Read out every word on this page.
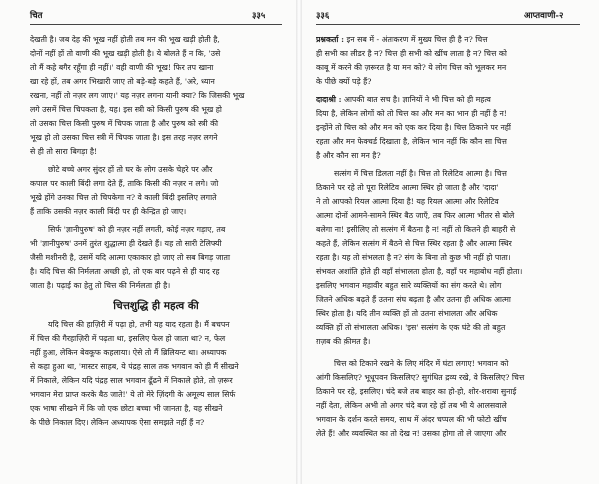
चित	३३५
देखती है। जब देह की भूख नहीं होती तब मन की भूख खड़ी होती है,
दोनों नहीं हों तो वाणी की भूख खड़ी होती है। ये बोलते हैं न कि, 'उसे
तो मैं कहे बगैर रहूँगा ही नहीं।' वही वाणी की भूख! फिर तप खाना
खा रहे हों, तब अगर भिखारी जाए तो बड़े-बड़े कहते हैं, 'अरे, ध्यान
रखना, नहीं तो नज़र लग जाए।' यह नज़र लगना यानी क्या? कि जिसकी भूख
लगे उसमें चित्त चिपकता है, यह। इस स्त्री को किसी पुरुष की भूख हो
तो उसका चित्त किसी पुरुष में चिपक जाता है और पुरुष को स्त्री की
भूख हो तो उसका चित्त स्त्री में चिपक जाता है। इस तरह नज़र लगने
से ही तो सारा बिगड़ा है!
छोटे बच्चे अगर सुंदर हों तो घर के लोग उसके चेहरे पर और
कपाल पर काली बिंदी लगा देते हैं, ताकि किसी की नज़र न लगे। जो
भूखे होंगे उनका चित्त तो चिपकेगा न? वे काली बिंदी इसलिए लगाते
हैं ताकि उसकी नज़र काली बिंदी पर ही केन्द्रित हो जाए।
सिर्फ 'ज्ञानीपुरुष' को ही नज़र नहीं लगती, कोई नज़र गड़ाए, तब
भी 'ज्ञानीपुरुष' उनमें तुरंत शुद्धात्मा ही देखते हैं। यह तो सारी टेलिफ्यी
जैसी मशीनरी है, उसमें यदि आत्मा एकाकार हो जाए तो सब बिगड़ जाता
है। यदि चित्त की निर्मलता अच्छी हो, तो एक बार पढ़ने से ही याद रह
जाता है। पढ़ाई का हेतु तो चित्त की निर्मलता ही है।
चित्तशुद्धि ही महत्व की
यदि चित्त की हाज़िरी में पढ़ा हो, तभी यह याद रहता है। मैं बचपन
में चित्त की गैरहाज़िरी में पढ़ता था, इसलिए फेल हो जाता था? न, फेल
नहीं हुआ, लेकिन बेवकूफ कहलाया। ऐसे तो मैं ब्रिलियन्ट था। अध्यापक
से कहा हुआ था, 'मास्टर साहब, ये पंद्रह साल तक भगवान को ही मैं सीखने
में निकाले, लेकिन यदि पंद्रह साल भगवान ढूँढने में निकाले होते, तो ज़रूर
भगवान मेरा प्राप्त करके बैठ जाते!' ये तो मेरे ज़िंदगी के अमूल्य साल सिर्फ
एक भाषा सीखने में कि जो एक छोटा बच्चा भी जानता है, यह सीखने
के पीछे निकाल दिए। लेकिन अध्यापक ऐसा समझते नहीं हैं न?
३३६	आप्तवाणी-२
प्रश्नकर्ता : इन सब में - अंतःकरण में मुख्य चित्त ही है न? चित्त
ही सभी का लीडर है न? चित्त ही सभी को खींच लाता है न? चित्त को
काबू में करने की ज़रूरत है या मन को? ये लोग चित्त को भूलकर मन
के पीछे क्यों पड़े हैं?
दादाश्री : आपकी बात सच है। ज्ञानियों ने भी चित्त को ही महत्व
दिया है, लेकिन लोगों को तो चित्त का और मन का भान ही नहीं है न!
इन्होंने तो चित्त को और मन को एक कर दिया है। चित्त ठिकाने पर नहीं
रहता और मन फेक्चर्ड दिखाता है, लेकिन भान नहीं कि कौन सा चित्त
है और कौन सा मन है?
सत्संग में चित्त डिलता नहीं है। चित्त तो रिलेटिव आत्मा है। चित्त
ठिकाने पर रहे तो पूरा रिलेटिव आत्मा स्थिर हो जाता है और 'दादा'
ने तो आपको रियल आत्मा दिया है! यह रियल आत्मा और रिलेटिव
आत्मा दोनों आमने-सामने स्थिर बैठ जाएँ, तब फिर आत्मा भीतर से बोले
बलेगा ना! इसीलिए तो सत्संग में बैठना है न! नहीं तो कितने ही बाहरी से
कहते हैं, लेकिन सत्संग में बैठने से चित्त स्थिर रहता है और आत्मा स्थिर
रहता है। यह तो संभलता है न? संग के बिना तो कुछ भी नहीं हो पाता।
संभवत अशांति होते ही वहाँ संभालता होता है, वहाँ पर महाबोध नहीं होता।
इसलिए भगवान महावीर बहुत सारे व्यक्तियों का संग करते थे। लोग
जितने अधिक बढ़ते हैं उतना संघ बढ़ता है और उतना ही अधिक आत्मा
स्थिर होता है। यदि तीन व्यक्ति हों तो उतना संभालता और अधिक
व्यक्ति हों तो संभालता अधिक। 'इस' सत्संग के एक घंटे की तो बहुत
ग़ज़ब की क़ीमत है।
चित्त को टिकाने रखने के लिए मंदिर में घंटा लगाए! भगवान को
आंगी किसलिए? भूधूपवन किसलिए? सुगंधित द्रव्य रखे, वे किसलिए? चित्त
ठिकाने पर रहे, इसलिए। चंदे बजे तब बाहर का हो-हो, शोर-शराबा सुनाई
नहीं देता, लेकिन अभी तो अगर चंदे बज रहे हों तब भी ये आलसवाले
भगवान के दर्शन करते समय, साथ में अंदर चप्पल की भी फोटो खींच
लेते हैं! और व्यवस्थित का तो देख न! उसका होगा तो ले जाएगा और
